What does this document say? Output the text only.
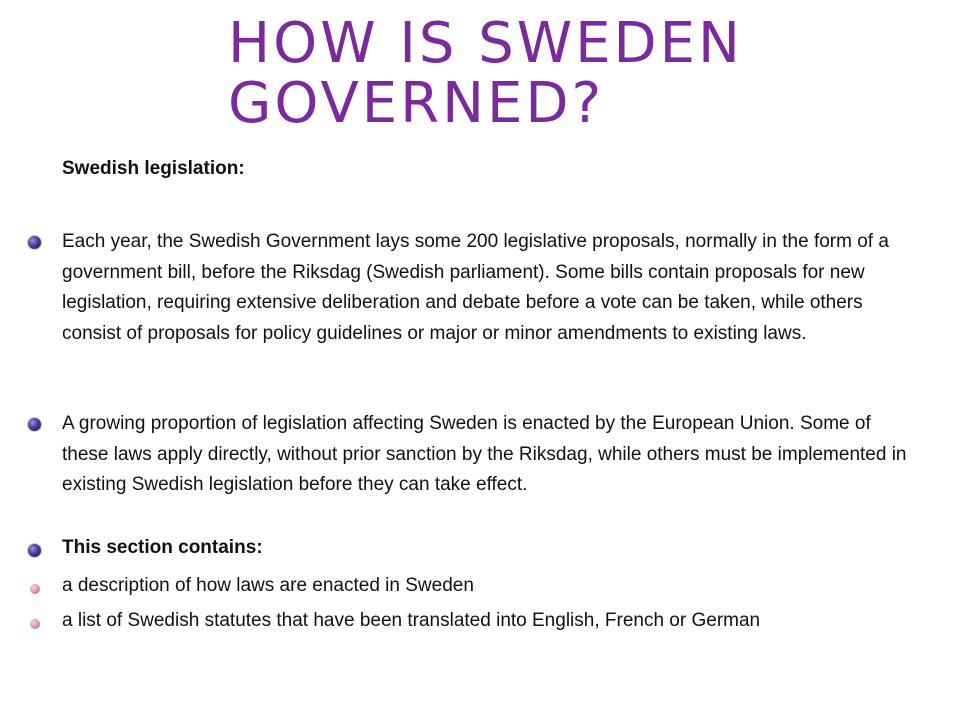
HOW IS SWEDEN GOVERNED?
Swedish legislation:
Each year, the Swedish Government lays some 200 legislative proposals, normally in the form of a government bill, before the Riksdag (Swedish parliament). Some bills contain proposals for new legislation, requiring extensive deliberation and debate before a vote can be taken, while others consist of proposals for policy guidelines or major or minor amendments to existing laws.
A growing proportion of legislation affecting Sweden is enacted by the European Union. Some of these laws apply directly, without prior sanction by the Riksdag, while others must be implemented in existing Swedish legislation before they can take effect.
This section contains:
a description of how laws are enacted in Sweden
a list of Swedish statutes that have been translated into English, French or German
